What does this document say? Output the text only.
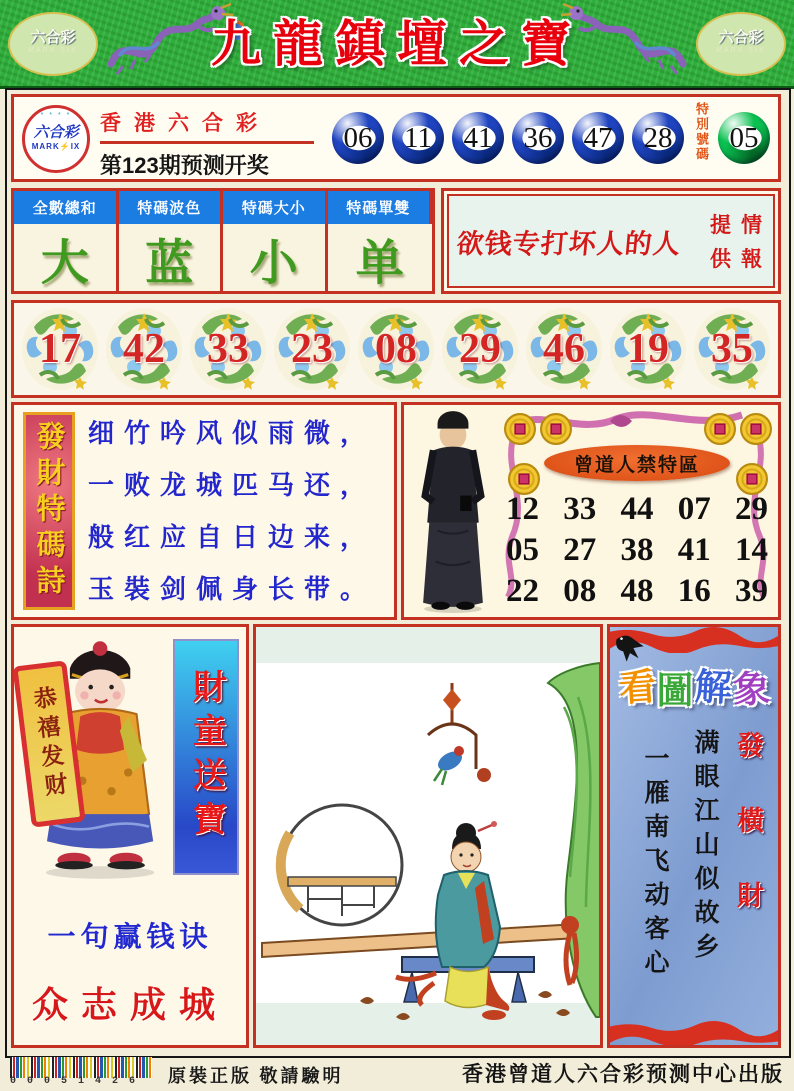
六合彩
MARK SIX
六合彩
MARK SIX
九龍鎮壇之寶
* * * *
六合彩
MARK⚡IX
香港六合彩
第123期预测开奖
06	11	41	36	47	28	特別號碼 05
全數總和	特碼波色	特碼大小	特碼單雙
大	蓝	小	单	欲钱专打坏人的人
提 情
供 報
17	42	33	23	08	29	46	19	35
發財特碼詩 细竹吟风似雨微，
一败龙城匹马还，
般红应自日边来，
玉裝剑佩身长带。
曾道人禁特區
12 33 44 07 29
05 27 38 41 14
22 08 48 16 39
恭禧发财	財童送寶
一句赢钱诀
众志成城
看 圖 解 象
發橫財
满眼江山似故乡
一雁南飞动客心
00051426	原裝正版 敬請驗明	香港曾道人六合彩预测中心出版
